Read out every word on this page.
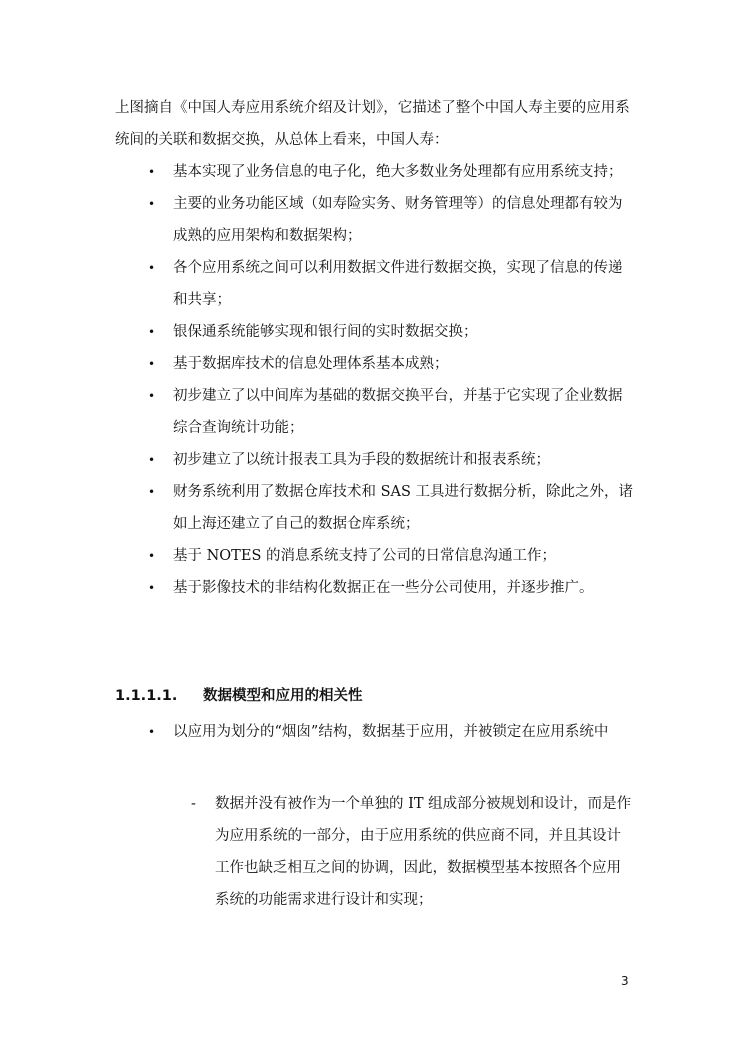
上图摘自《中国人寿应用系统介绍及计划》，它描述了整个中国人寿主要的应用系统间的关联和数据交换，从总体上看来，中国人寿：
• 基本实现了业务信息的电子化，绝大多数业务处理都有应用系统支持；
• 主要的业务功能区域（如寿险实务、财务管理等）的信息处理都有较为成熟的应用架构和数据架构；
• 各个应用系统之间可以利用数据文件进行数据交换，实现了信息的传递和共享；
• 银保通系统能够实现和银行间的实时数据交换；
• 基于数据库技术的信息处理体系基本成熟；
• 初步建立了以中间库为基础的数据交换平台，并基于它实现了企业数据综合查询统计功能；
• 初步建立了以统计报表工具为手段的数据统计和报表系统；
• 财务系统利用了数据仓库技术和 SAS 工具进行数据分析，除此之外，诸如上海还建立了自己的数据仓库系统；
• 基于 NOTES 的消息系统支持了公司的日常信息沟通工作；
• 基于影像技术的非结构化数据正在一些分公司使用，并逐步推广。
1.1.1.1. 数据模型和应用的相关性
• 以应用为划分的“烟囱”结构，数据基于应用，并被锁定在应用系统中
- 数据并没有被作为一个单独的 IT 组成部分被规划和设计，而是作为应用系统的一部分，由于应用系统的供应商不同，并且其设计工作也缺乏相互之间的协调，因此，数据模型基本按照各个应用系统的功能需求进行设计和实现；
3
